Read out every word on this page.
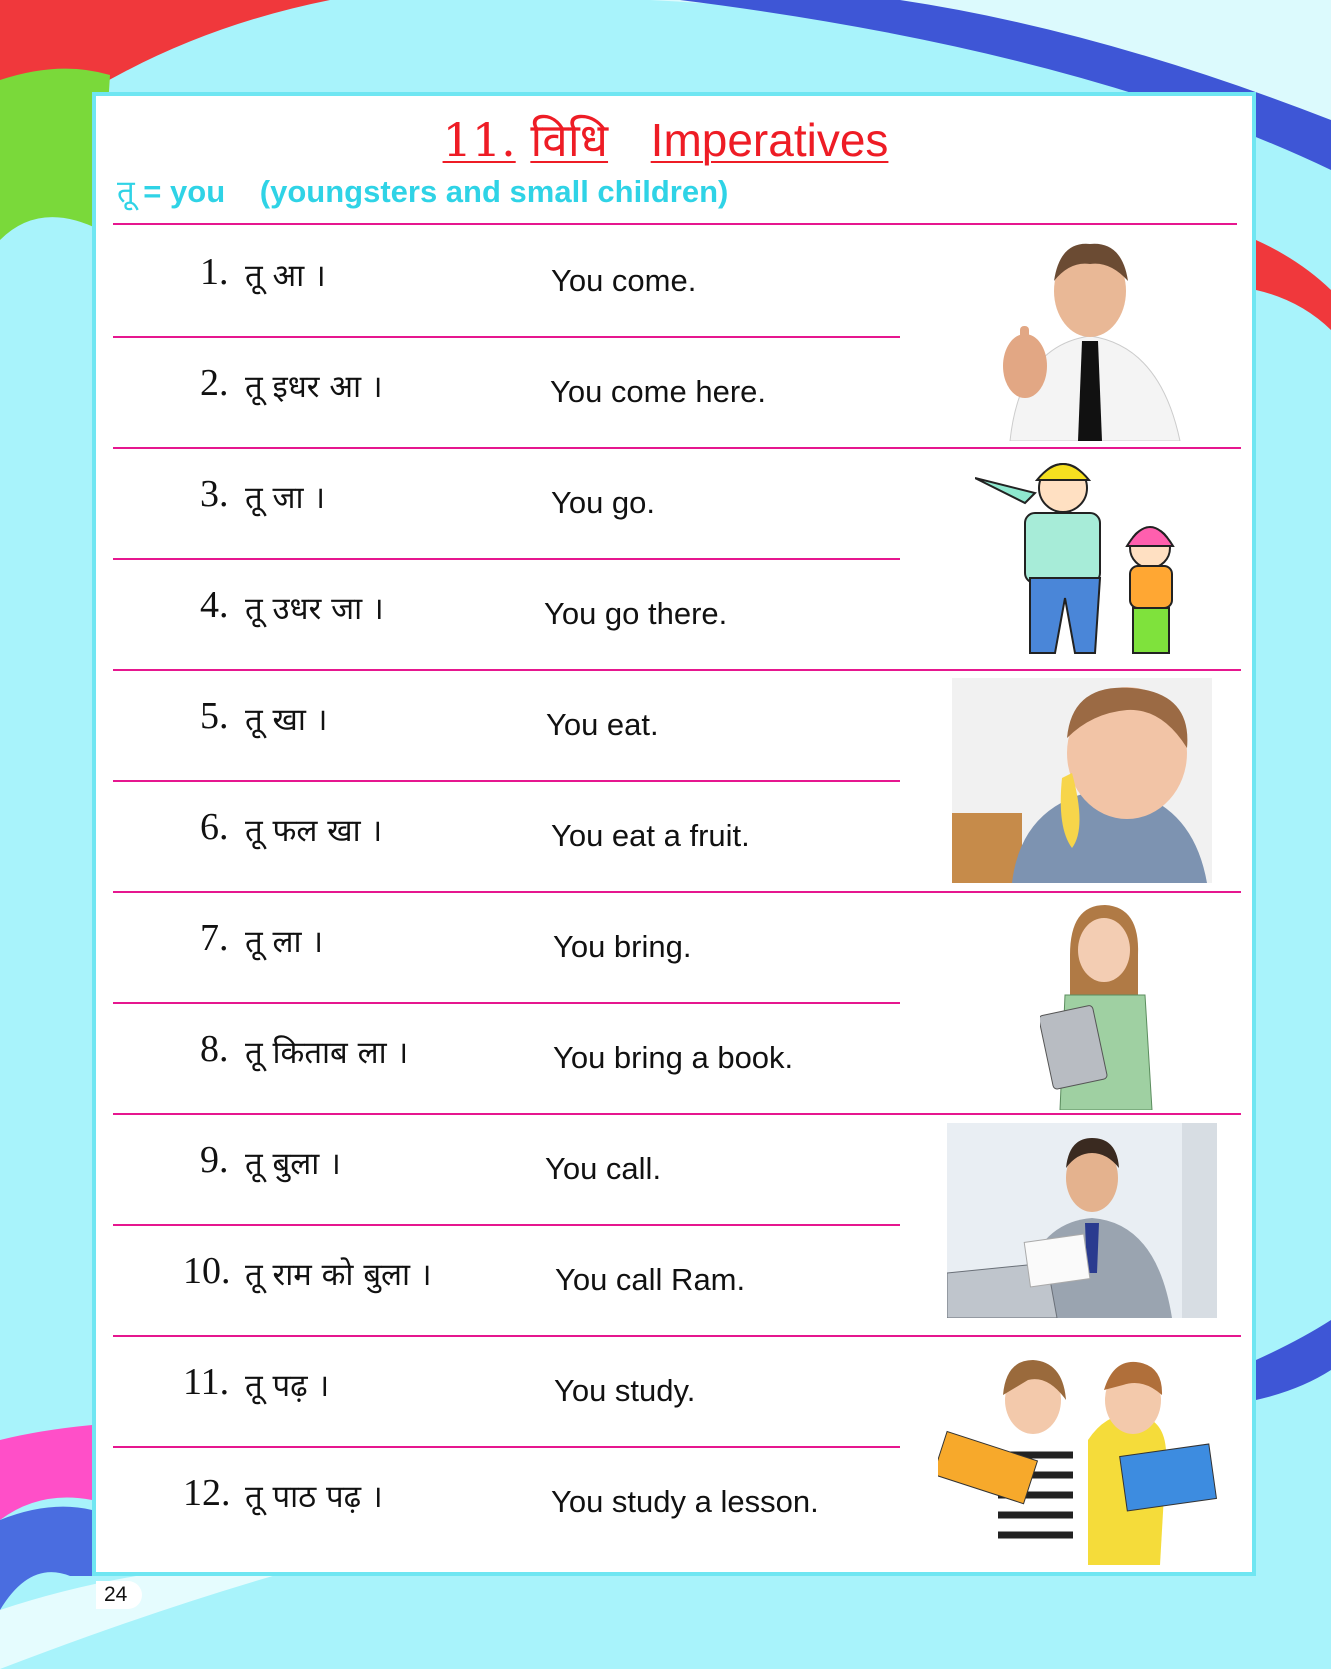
11. विधि Imperatives
तू = you (youngsters and small children)
1. तू आ ।	You come.
2. तू इधर आ ।	You come here.
3. तू जा ।	You go.
4. तू उधर जा ।	You go there.
5. तू खा ।	You eat.
6. तू फल खा ।	You eat a fruit.
7. तू ला ।	You bring.
8. तू किताब ला ।	You bring a book.
9. तू बुला ।	You call.
10. तू राम को बुला ।	You call Ram.
11. तू पढ़ ।	You study.
12. तू पाठ पढ़ ।	You study a lesson.
24
